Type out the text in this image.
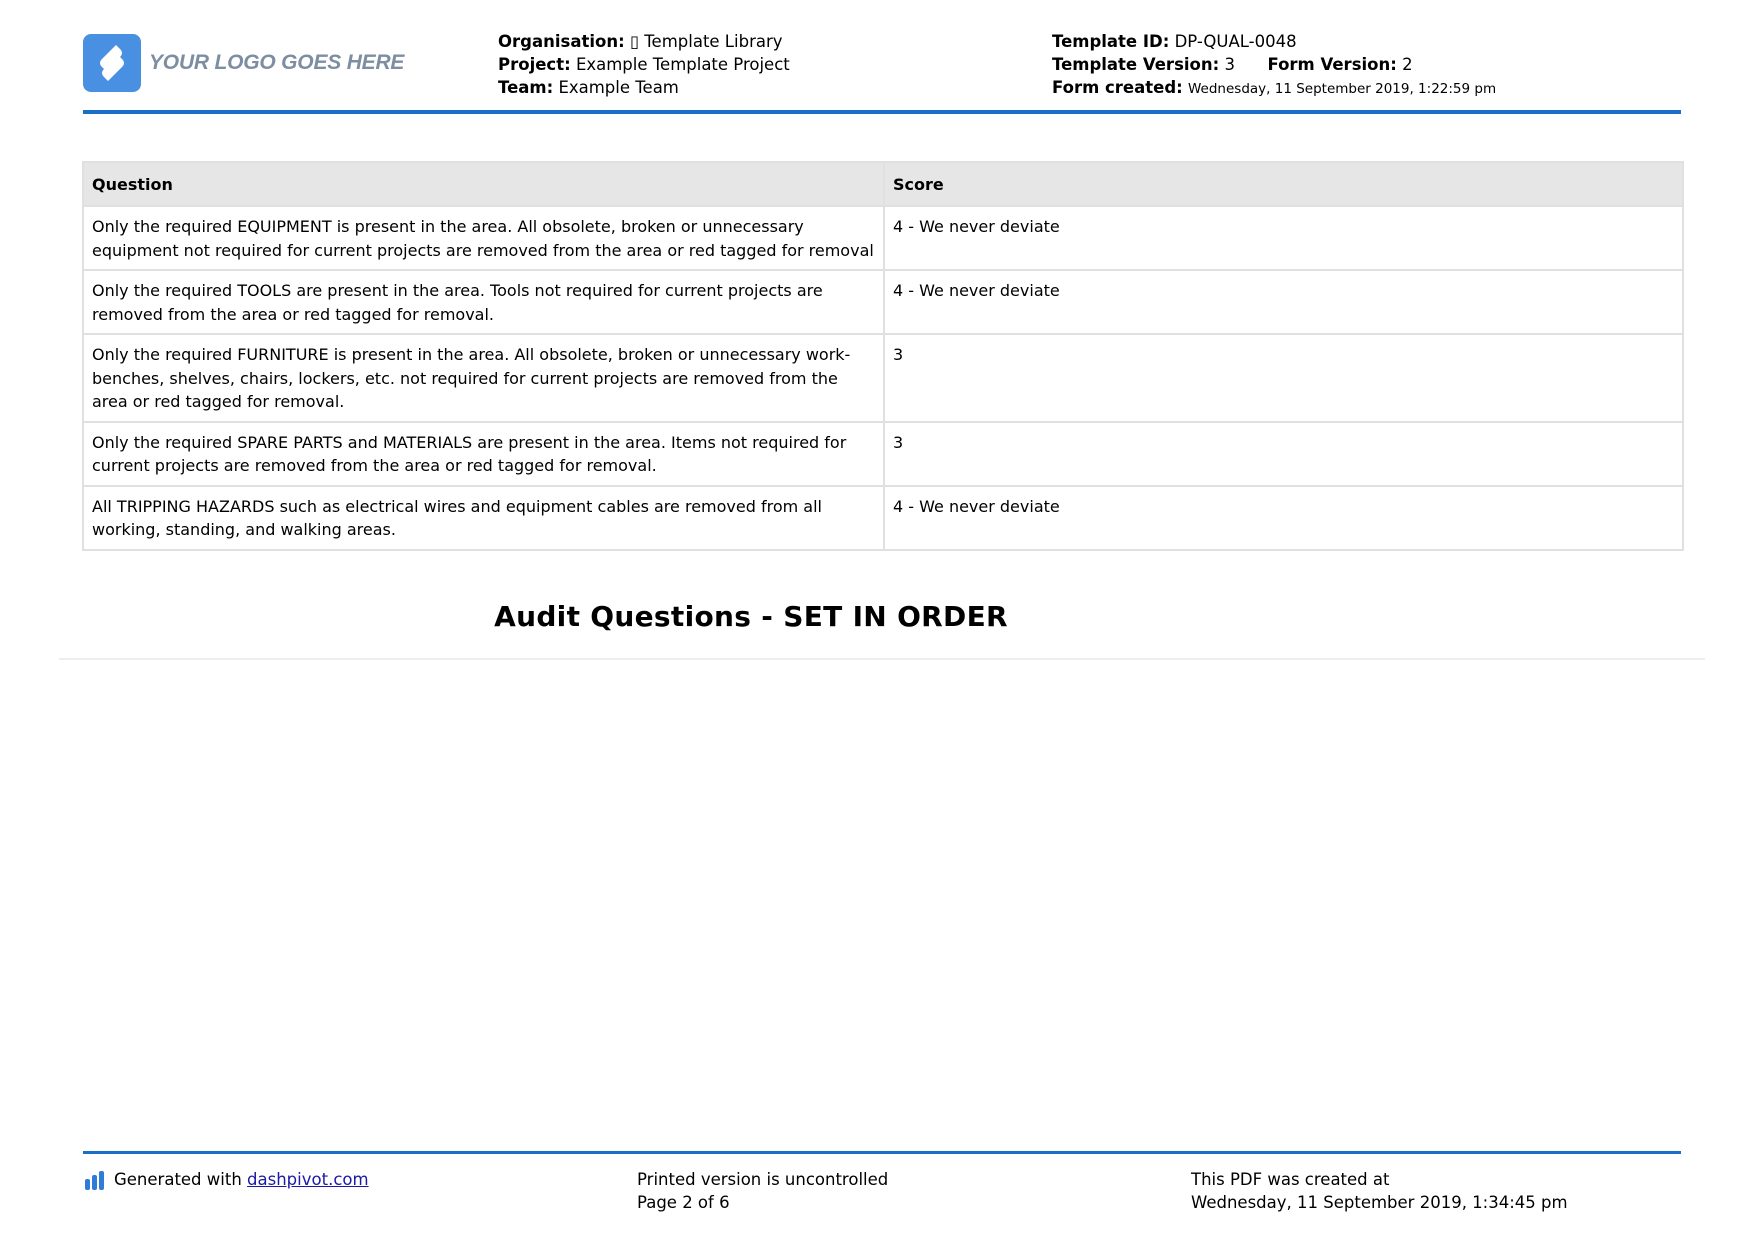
YOUR LOGO GOES HERE
Organisation: ▯ Template Library
Project: Example Template Project
Team: Example Team
Template ID: DP-QUAL-0048
Template Version: 3 Form Version: 2
Form created: Wednesday, 11 September 2019, 1:22:59 pm
Question	Score
Only the required EQUIPMENT is present in the area. All obsolete, broken or unnecessary equipment not required for current projects are removed from the area or red tagged for removal	4 - We never deviate
Only the required TOOLS are present in the area. Tools not required for current projects are removed from the area or red tagged for removal.	4 - We never deviate
Only the required FURNITURE is present in the area. All obsolete, broken or unnecessary work-benches, shelves, chairs, lockers, etc. not required for current projects are removed from the area or red tagged for removal.	3
Only the required SPARE PARTS and MATERIALS are present in the area. Items not required for current projects are removed from the area or red tagged for removal.	3
All TRIPPING HAZARDS such as electrical wires and equipment cables are removed from all working, standing, and walking areas.	4 - We never deviate
Audit Questions - SET IN ORDER
Generated with
dashpivot.com	Printed version is uncontrolled
Page 2 of 6
This PDF was created at
Wednesday, 11 September 2019, 1:34:45 pm
